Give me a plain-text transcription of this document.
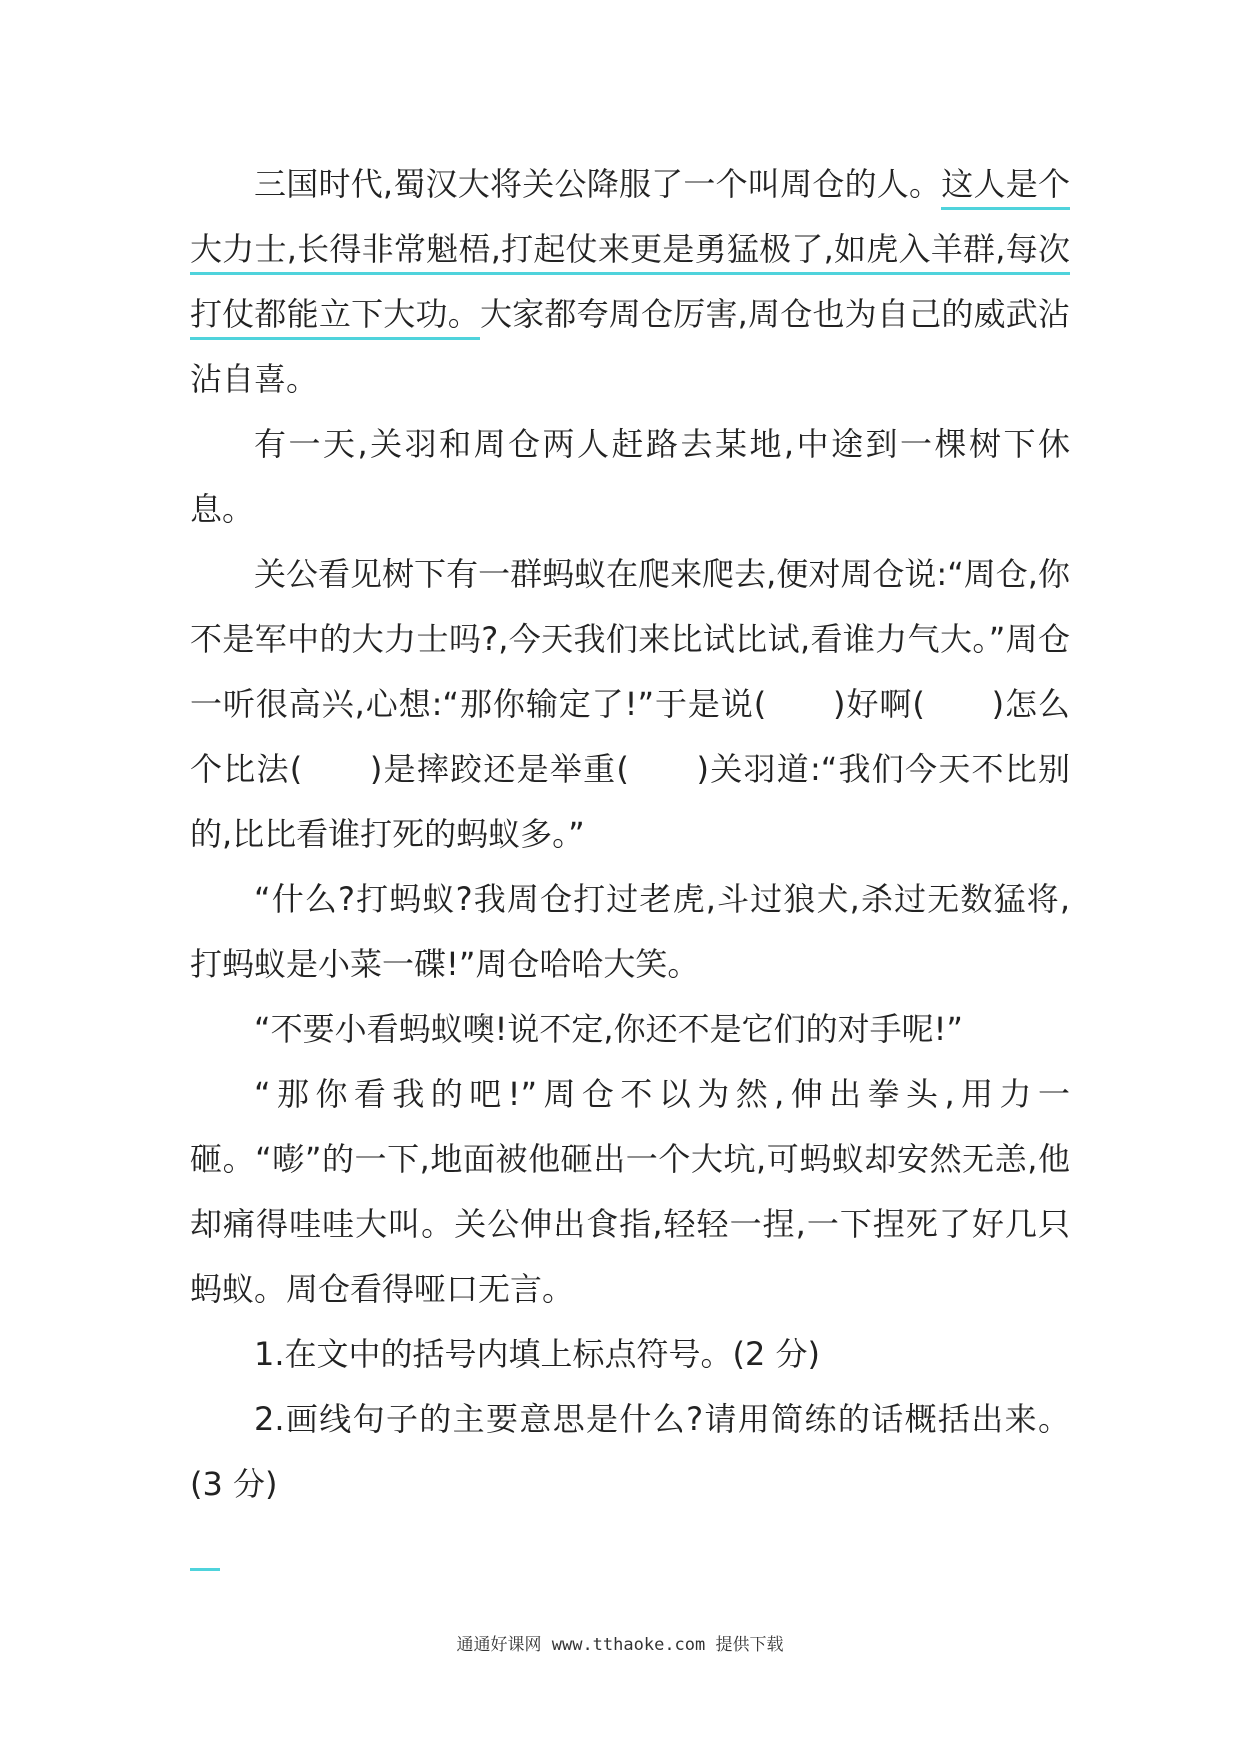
三国时代,蜀汉大将关公降服了一个叫周仓的人。这人是个大力士,长得非常魁梧,打起仗来更是勇猛极了,如虎入羊群,每次打仗都能立下大功。大家都夸周仓厉害,周仓也为自己的威武沾沾自喜。

有一天,关羽和周仓两人赶路去某地,中途到一棵树下休息。

关公看见树下有一群蚂蚁在爬来爬去,便对周仓说:“周仓,你不是军中的大力士吗?,今天我们来比试比试,看谁力气大。”周仓一听很高兴,心想:“那你输定了!”于是说(　　)好啊(　　)怎么个比法(　　)是摔跤还是举重(　　)关羽道:“我们今天不比别的,比比看谁打死的蚂蚁多。”

“什么?打蚂蚁?我周仓打过老虎,斗过狼犬,杀过无数猛将,打蚂蚁是小菜一碟!”周仓哈哈大笑。

“不要小看蚂蚁噢!说不定,你还不是它们的对手呢!”

“那你看我的吧!”周仓不以为然,伸出拳头,用力一砸。“嘭”的一下,地面被他砸出一个大坑,可蚂蚁却安然无恙,他却痛得哇哇大叫。关公伸出食指,轻轻一捏,一下捏死了好几只蚂蚁。周仓看得哑口无言。

1.在文中的括号内填上标点符号。(2 分)

2.画线句子的主要意思是什么?请用简练的话概括出来。(3 分)

通通好课网 www.tthaoke.com 提供下载
